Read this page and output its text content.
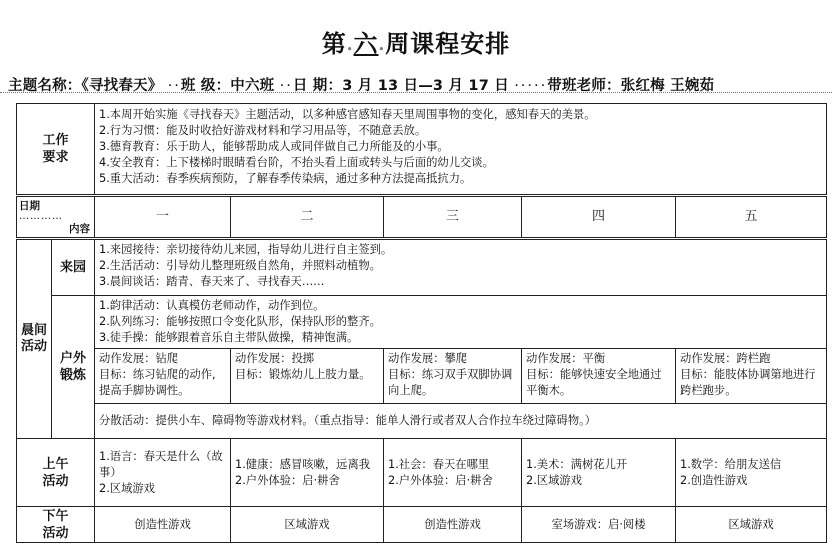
第•六•周课程安排
主题名称：《寻找春天》 ··班 级：中六班 ··日 期：3 月 13 日—3 月 17 日 ·····带班老师：张红梅 王婉茹
工作
要求		1.本周开始实施《寻找春天》主题活动，以多种感官感知春天里周围事物的变化，感知春天的美景。
2.行为习惯：能及时收拾好游戏材料和学习用品等，不随意丢放。
3.德育教育：乐于助人，能够帮助成人或同伴做自己力所能及的小事。
4.安全教育：上下楼梯时眼睛看台阶，不抬头看上面或转头与后面的幼儿交谈。
5.重大活动：春季疾病预防，了解春季传染病，通过多种方法提高抵抗力。				

日期
…………
内容		一	二	三	四	五

晨间
活动	来园	1.来园接待：亲切接待幼儿来园，指导幼儿进行自主签到。
2.生活活动：引导幼儿整理班级自然角，并照料动植物。
3.晨间谈话：踏青、春天来了、寻找春天……				

	户外
锻炼	1.韵律活动：认真模仿老师动作，动作到位。
2.队列练习：能够按照口令变化队形，保持队形的整齐。
3.徒手操：能够跟着音乐自主带队做操，精神饱满。				

		动作发展：钻爬
目标：练习钻爬的动作,提高手脚协调性。	动作发展：投掷
目标：锻炼幼儿上肢力量。	动作发展：攀爬
目标：练习双手双脚协调向上爬。	动作发展：平衡
目标：能够快速安全地通过平衡木。	动作发展：跨栏跑
目标：能肢体协调第地进行跨栏跑步。

		分散活动：提供小车、障碍物等游戏材料。（重点指导：能单人滑行或者双人合作拉车绕过障碍物。）				

上午
活动		1.语言：春天是什么（故事）
2.区域游戏	1.健康：感冒咳嗽，远离我
2.户外体验：启·耕舍	1.社会：春天在哪里
2.户外体验：启·耕舍	1.美术：满树花儿开
2.区域游戏	1.数学：给朋友送信
2.创造性游戏

下午
活动		创造性游戏	区域游戏	创造性游戏	室场游戏：启·阅楼	区域游戏
